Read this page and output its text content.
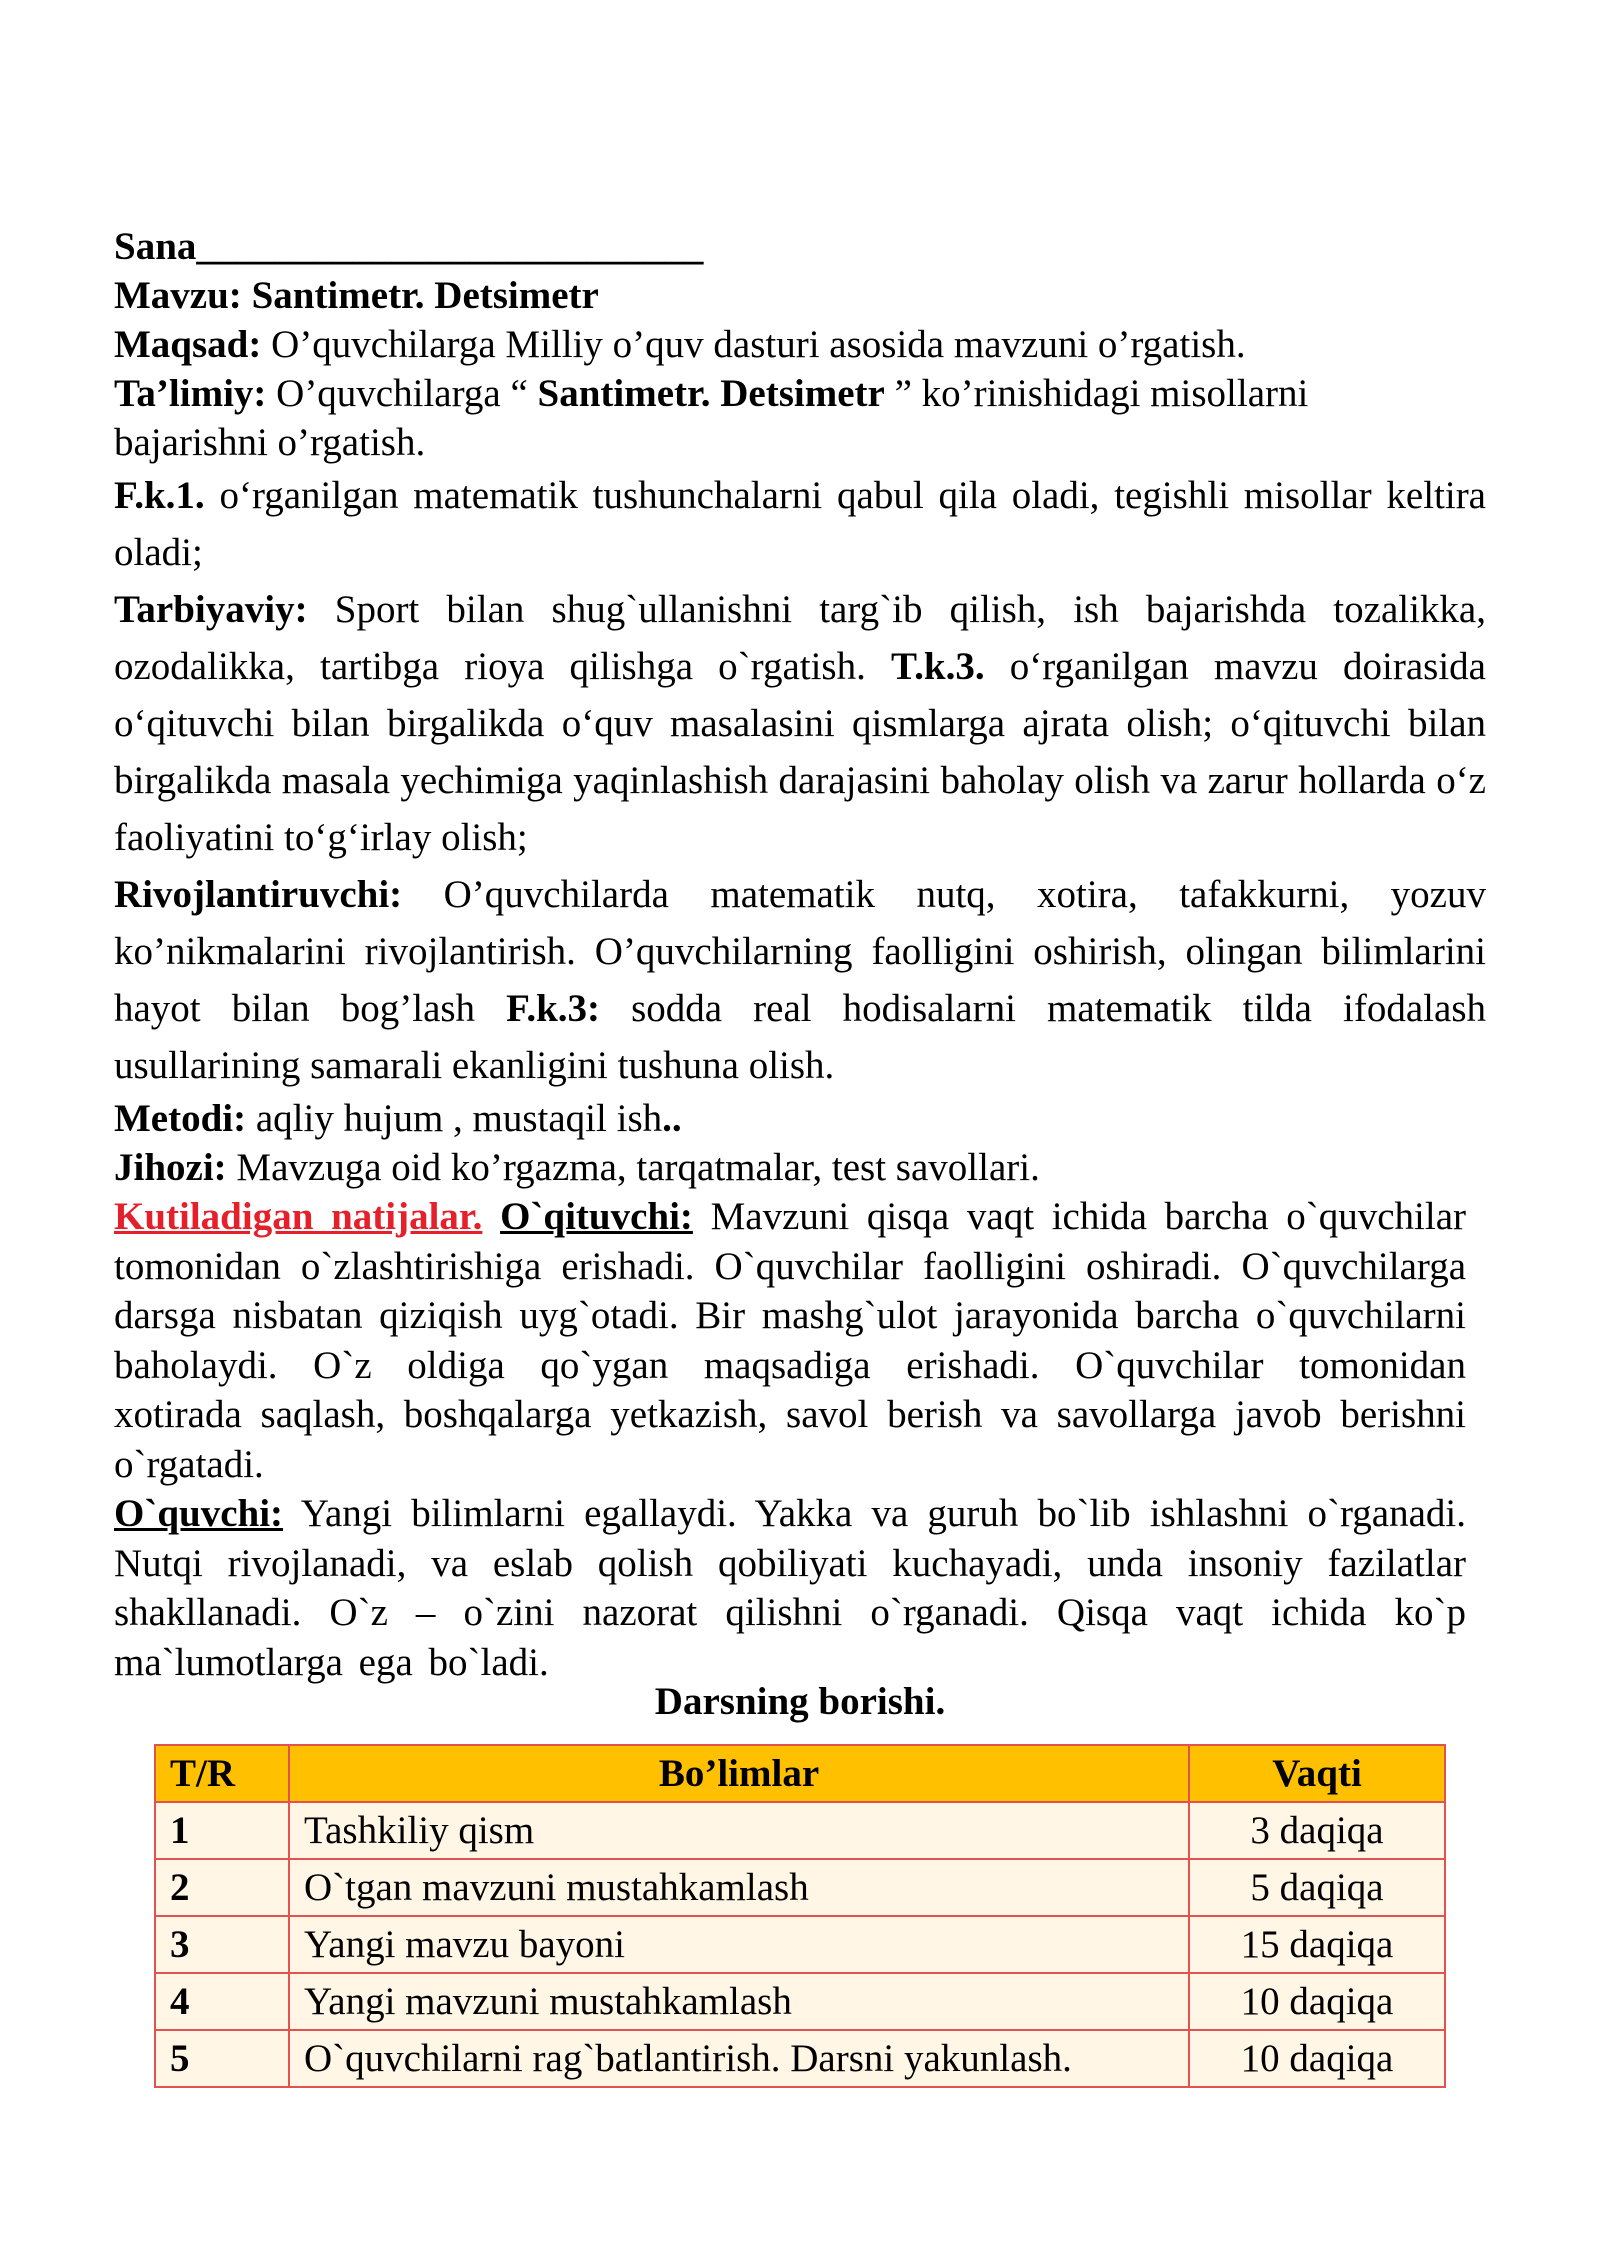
Sana__________________________
Mavzu: Santimetr. Detsimetr
Maqsad: O’quvchilarga Milliy o’quv dasturi asosida mavzuni o’rgatish.
Ta’limiy: O’quvchilarga “ Santimetr. Detsimetr ” ko’rinishidagi misollarni
bajarishni o’rgatish.
F.k.1. o‘rganilgan matematik tushunchalarni qabul qila oladi, tegishli misollar keltira oladi;
Tarbiyaviy: Sport bilan shug`ullanishni targ`ib qilish, ish bajarishda tozalikka, ozodalikka, tartibga rioya qilishga o`rgatish. T.k.3. o‘rganilgan mavzu doirasida o‘qituvchi bilan birgalikda o‘quv masalasini qismlarga ajrata olish; o‘qituvchi bilan birgalikda masala yechimiga yaqinlashish darajasini baholay olish va zarur hollarda o‘z faoliyatini to‘g‘irlay olish;
Rivojlantiruvchi: O’quvchilarda matematik nutq, xotira, tafakkurni, yozuv ko’nikmalarini rivojlantirish. O’quvchilarning faolligini oshirish, olingan bilimlarini hayot bilan bog’lash F.k.3: sodda real hodisalarni matematik tilda ifodalash usullarining samarali ekanligini tushuna olish.
Metodi: aqliy hujum , mustaqil ish..
Jihozi: Mavzuga oid ko’rgazma, tarqatmalar, test savollari.
Kutiladigan natijalar. O`qituvchi: Mavzuni qisqa vaqt ichida barcha o`quvchilar tomonidan o`zlashtirishiga erishadi. O`quvchilar faolligini oshiradi. O`quvchilarga darsga nisbatan qiziqish uyg`otadi. Bir mashg`ulot jarayonida barcha o`quvchilarni baholaydi. O`z oldiga qo`ygan maqsadiga erishadi. O`quvchilar tomonidan xotirada saqlash, boshqalarga yetkazish, savol berish va savollarga javob berishni o`rgatadi.
O`quvchi: Yangi bilimlarni egallaydi. Yakka va guruh bo`lib ishlashni o`rganadi. Nutqi rivojlanadi, va eslab qolish qobiliyati kuchayadi, unda insoniy fazilatlar shakllanadi. O`z – o`zini nazorat qilishni o`rganadi. Qisqa vaqt ichida ko`p ma`lumotlarga ega bo`ladi.
Darsning borishi.
T/R	Bo’limlar	Vaqti
1	Tashkiliy qism	3 daqiqa
2	O`tgan mavzuni mustahkamlash	5 daqiqa
3	Yangi mavzu bayoni	15 daqiqa
4	Yangi mavzuni mustahkamlash	10 daqiqa
5	O`quvchilarni rag`batlantirish. Darsni yakunlash.	10 daqiqa
